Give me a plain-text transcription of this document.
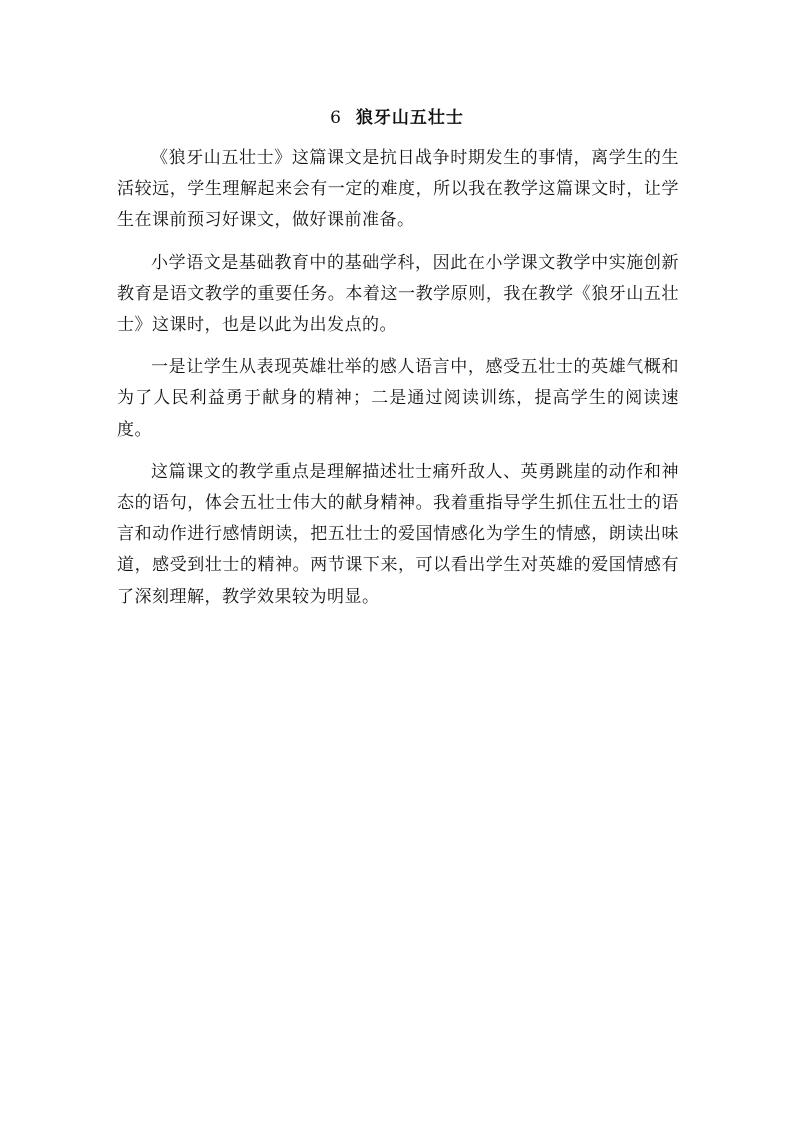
6 狼牙山五壮士

《狼牙山五壮士》这篇课文是抗日战争时期发生的事情，离学生的生活较远，学生理解起来会有一定的难度，所以我在教学这篇课文时，让学生在课前预习好课文，做好课前准备。

小学语文是基础教育中的基础学科，因此在小学课文教学中实施创新教育是语文教学的重要任务。本着这一教学原则，我在教学《狼牙山五壮士》这课时，也是以此为出发点的。

一是让学生从表现英雄壮举的感人语言中，感受五壮士的英雄气概和为了人民利益勇于献身的精神；二是通过阅读训练，提高学生的阅读速度。

这篇课文的教学重点是理解描述壮士痛歼敌人、英勇跳崖的动作和神态的语句，体会五壮士伟大的献身精神。我着重指导学生抓住五壮士的语言和动作进行感情朗读，把五壮士的爱国情感化为学生的情感，朗读出味道，感受到壮士的精神。两节课下来，可以看出学生对英雄的爱国情感有了深刻理解，教学效果较为明显。
